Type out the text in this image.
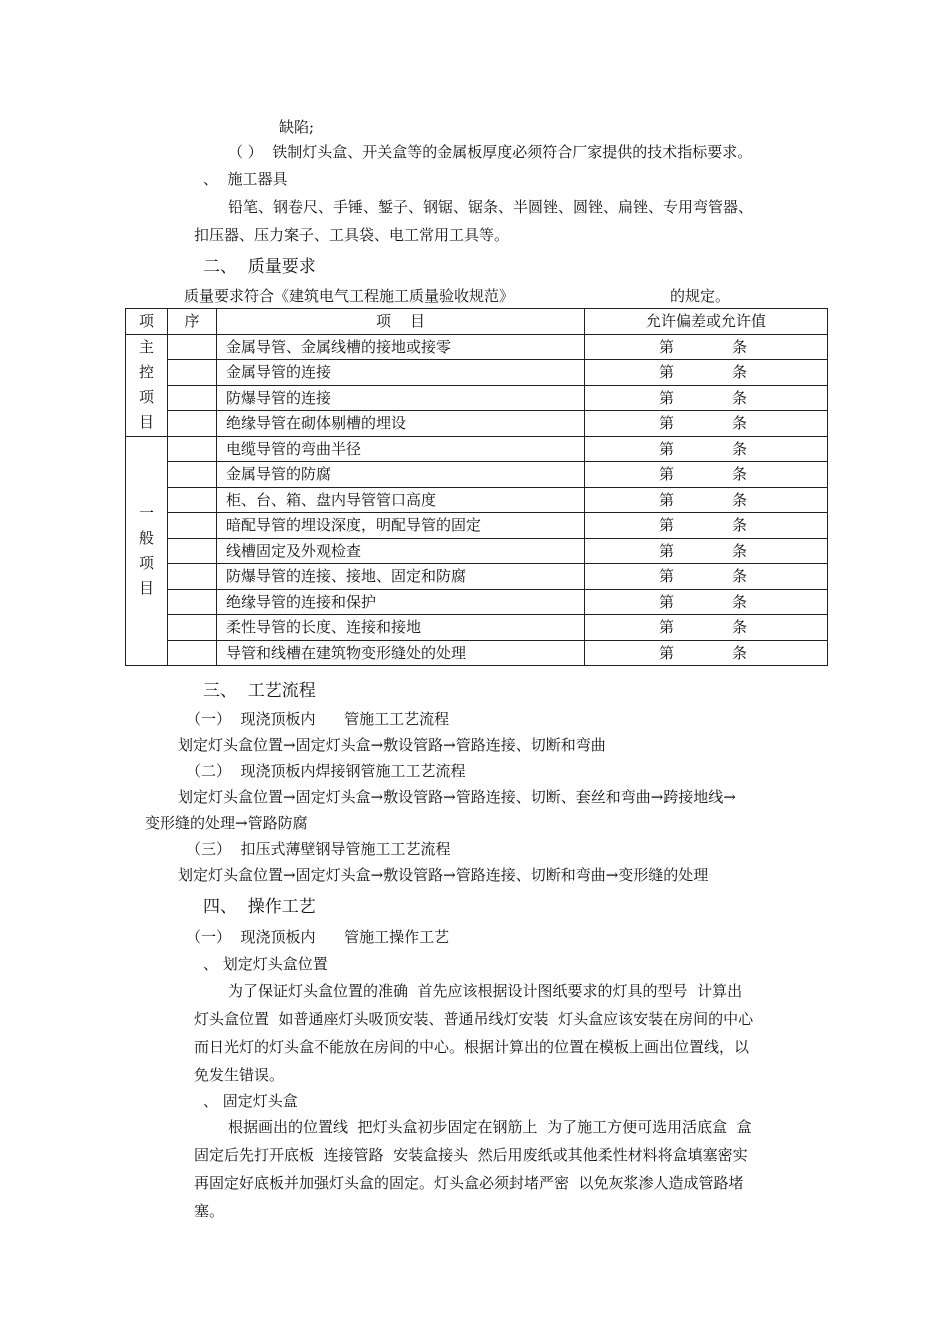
缺陷;
（ ）  铁制灯头盒、开关盒等的金属板厚度必须符合厂家提供的技术指标要求。
、  施工器具
铅笔、钢卷尺、手锤、錾子、钢锯、锯条、半圆锉、圆锉、扁锉、专用弯管器、
扣压器、压力案子、工具袋、电工常用工具等。
二、  质量要求
质量要求符合《建筑电气工程施工质量验收规范》	的规定。
项	序	项    目	允许偏差或允许值
主
控
项
目		金属导管、金属线槽的接地或接零	第 条
		金属导管的连接	第 条
		防爆导管的连接	第 条
		绝缘导管在砌体剔槽的埋设	第 条
一
般
项
目		电缆导管的弯曲半径	第 条
		金属导管的防腐	第 条
		柜、台、箱、盘内导管管口高度	第 条
		暗配导管的埋设深度，明配导管的固定	第 条
		线槽固定及外观检查	第 条
		防爆导管的连接、接地、固定和防腐	第 条
		绝缘导管的连接和保护	第 条
		柔性导管的长度、连接和接地	第 条
		导管和线槽在建筑物变形缝处的处理	第 条
三、  工艺流程
（一）  现浇顶板内      管施工工艺流程
划定灯头盒位置→固定灯头盒→敷设管路→管路连接、切断和弯曲
（二）  现浇顶板内焊接钢管施工工艺流程
划定灯头盒位置→固定灯头盒→敷设管路→管路连接、切断、套丝和弯曲→跨接地线→
变形缝的处理→管路防腐
（三）  扣压式薄壁钢导管施工工艺流程
划定灯头盒位置→固定灯头盒→敷设管路→管路连接、切断和弯曲→变形缝的处理
四、  操作工艺
（一）  现浇顶板内      管施工操作工艺
、 划定灯头盒位置
为了保证灯头盒位置的准确  首先应该根据设计图纸要求的灯具的型号  计算出
灯头盒位置  如普通座灯头吸顶安装、普通吊线灯安装  灯头盒应该安装在房间的中心
而日光灯的灯头盒不能放在房间的中心。根据计算出的位置在模板上画出位置线，以
免发生错误。
、 固定灯头盒
根据画出的位置线  把灯头盒初步固定在钢筋上  为了施工方便可选用活底盒  盒
固定后先打开底板  连接管路  安装盒接头  然后用废纸或其他柔性材料将盒填塞密实
再固定好底板并加强灯头盒的固定。灯头盒必须封堵严密  以免灰浆渗人造成管路堵
塞。
